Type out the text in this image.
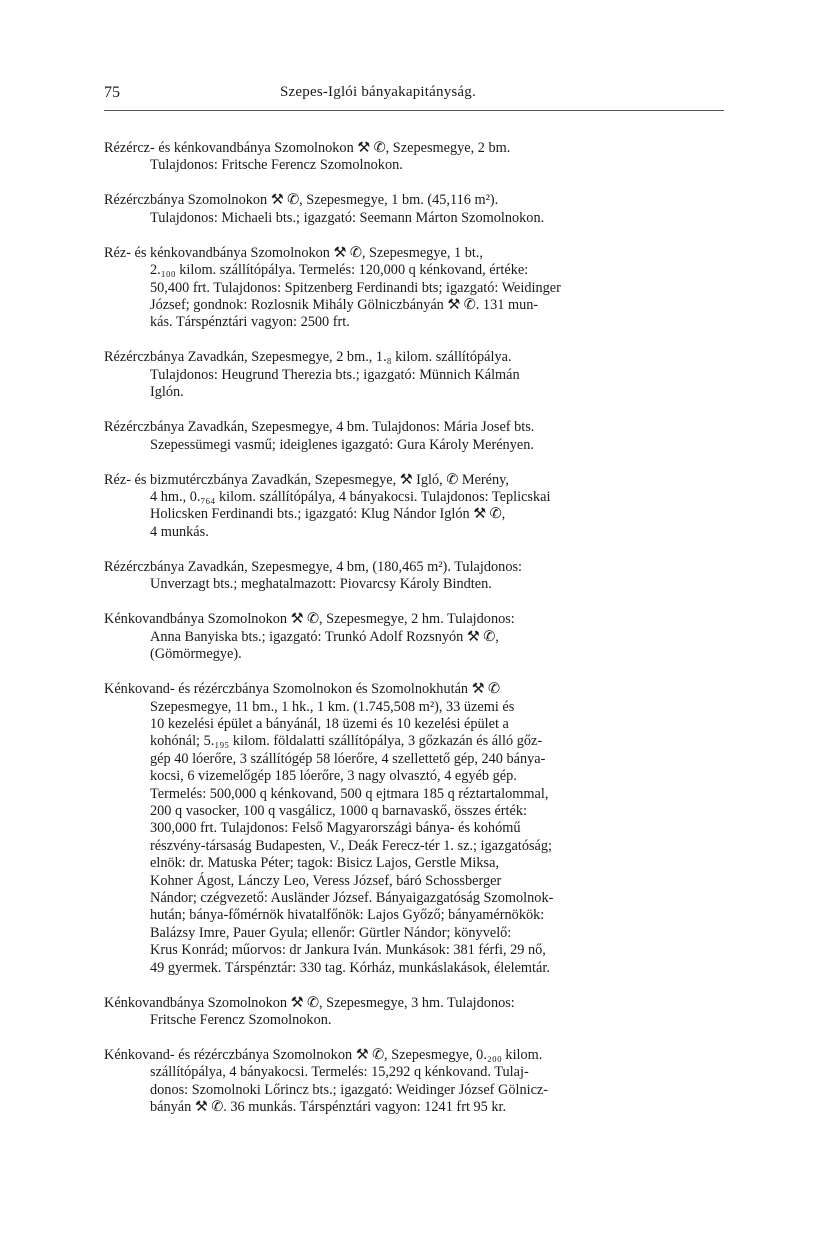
75	Szepes-Iglói bányakapitányság.
Rézércz- és kénkovandbánya Szomolnokon ⚒ ✆, Szepesmegye, 2 bm.
Tulajdonos: Fritsche Ferencz Szomolnokon.
Rézérczbánya Szomolnokon ⚒ ✆, Szepesmegye, 1 bm. (45,116 m²).
Tulajdonos: Michaeli bts.; igazgató: Seemann Márton Szomolnokon.
Réz- és kénkovandbánya Szomolnokon ⚒ ✆, Szepesmegye, 1 bt.,
2.₁₀₀ kilom. szállítópálya. Termelés: 120,000 q kénkovand, értéke:
50,400 frt. Tulajdonos: Spitzenberg Ferdinandi bts; igazgató: Weidinger
József; gondnok: Rozlosnik Mihály Gölniczbányán ⚒ ✆. 131 mun-
kás. Társpénztári vagyon: 2500 frt.
Rézérczbánya Zavadkán, Szepesmegye, 2 bm., 1.₈ kilom. szállítópálya.
Tulajdonos: Heugrund Therezia bts.; igazgató: Münnich Kálmán
Iglón.
Rézérczbánya Zavadkán, Szepesmegye, 4 bm. Tulajdonos: Mária Josef bts.
Szepessümegi vasmű; ideiglenes igazgató: Gura Károly Merényen.
Réz- és bizmutérczbánya Zavadkán, Szepesmegye, ⚒ Igló, ✆ Merény,
4 hm., 0.₇₆₄ kilom. szállítópálya, 4 bányakocsi. Tulajdonos: Teplicskai
Holicsken Ferdinandi bts.; igazgató: Klug Nándor Iglón ⚒ ✆,
4 munkás.
Rézérczbánya Zavadkán, Szepesmegye, 4 bm, (180,465 m²). Tulajdonos:
Unverzagt bts.; meghatalmazott: Piovarcsy Károly Bindten.
Kénkovandbánya Szomolnokon ⚒ ✆, Szepesmegye, 2 hm. Tulajdonos:
Anna Banyiska bts.; igazgató: Trunkó Adolf Rozsnyón ⚒ ✆,
(Gömörmegye).
Kénkovand- és rézérczbánya Szomolnokon és Szomolnokhután ⚒ ✆
Szepesmegye, 11 bm., 1 hk., 1 km. (1.745,508 m²), 33 üzemi és
10 kezelési épület a bányánál, 18 üzemi és 10 kezelési épület a
kohónál; 5.₁₉₅ kilom. földalatti szállítópálya, 3 gőzkazán és álló gőz-
gép 40 lóerőre, 3 szállítógép 58 lóerőre, 4 szellettető gép, 240 bánya-
kocsi, 6 vizemelőgép 185 lóerőre, 3 nagy olvasztó, 4 egyéb gép.
Termelés: 500,000 q kénkovand, 500 q ejtmara 185 q réztartalommal,
200 q vasocker, 100 q vasgálicz, 1000 q barnavaskő, összes érték:
300,000 frt. Tulajdonos: Felső Magyarországi bánya- és kohómű
részvény-társaság Budapesten, V., Deák Ferecz-tér 1. sz.; igazgatóság;
elnök: dr. Matuska Péter; tagok: Bisicz Lajos, Gerstle Miksa,
Kohner Ágost, Lánczy Leo, Veress József, báró Schossberger
Nándor; czégvezető: Ausländer József. Bányaigazgatóság Szomolnok-
hután; bánya-főmérnök hivatalfőnök: Lajos Győző; bányamérnökök:
Balázsy Imre, Pauer Gyula; ellenőr: Gürtler Nándor; könyvelő:
Krus Konrád; műorvos: dr Jankura Iván. Munkások: 381 férfi, 29 nő,
49 gyermek. Társpénztár: 330 tag. Kórház, munkáslakások, élelemtár.
Kénkovandbánya Szomolnokon ⚒ ✆, Szepesmegye, 3 hm. Tulajdonos:
Fritsche Ferencz Szomolnokon.
Kénkovand- és rézérczbánya Szomolnokon ⚒ ✆, Szepesmegye, 0.₂₀₀ kilom.
szállítópálya, 4 bányakocsi. Termelés: 15,292 q kénkovand. Tulaj-
donos: Szomolnoki Lőrincz bts.; igazgató: Weidinger József Gölnicz-
bányán ⚒ ✆. 36 munkás. Társpénztári vagyon: 1241 frt 95 kr.
